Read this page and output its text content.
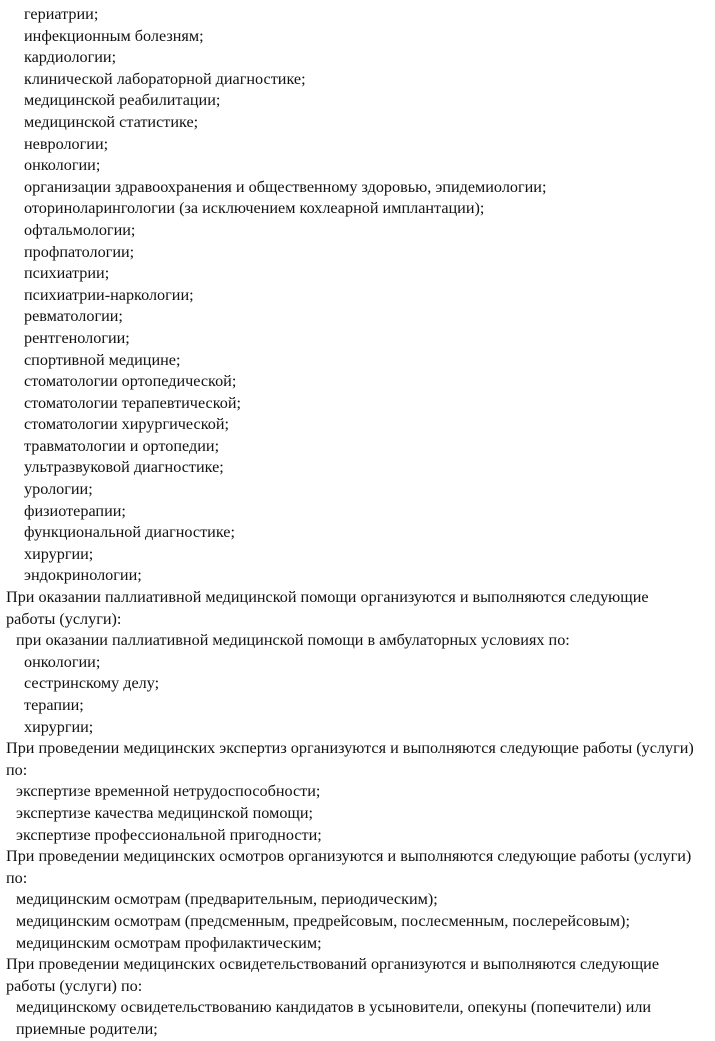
гериатрии;
инфекционным болезням;
кардиологии;
клинической лабораторной диагностике;
медицинской реабилитации;
медицинской статистике;
неврологии;
онкологии;
организации здравоохранения и общественному здоровью, эпидемиологии;
оториноларингологии (за исключением кохлеарной имплантации);
офтальмологии;
профпатологии;
психиатрии;
психиатрии-наркологии;
ревматологии;
рентгенологии;
спортивной медицине;
стоматологии ортопедической;
стоматологии терапевтической;
стоматологии хирургической;
травматологии и ортопедии;
ультразвуковой диагностике;
урологии;
физиотерапии;
функциональной диагностике;
хирургии;
эндокринологии;
При оказании паллиативной медицинской помощи организуются и выполняются следующие работы (услуги):
при оказании паллиативной медицинской помощи в амбулаторных условиях по:
онкологии;
сестринскому делу;
терапии;
хирургии;
При проведении медицинских экспертиз организуются и выполняются следующие работы (услуги) по:
экспертизе временной нетрудоспособности;
экспертизе качества медицинской помощи;
экспертизе профессиональной пригодности;
При проведении медицинских осмотров организуются и выполняются следующие работы (услуги) по:
медицинским осмотрам (предварительным, периодическим);
медицинским осмотрам (предсменным, предрейсовым, послесменным, послерейсовым);
медицинским осмотрам профилактическим;
При проведении медицинских освидетельствований организуются и выполняются следующие работы (услуги) по:
медицинскому освидетельствованию кандидатов в усыновители, опекуны (попечители) или приемные родители;
